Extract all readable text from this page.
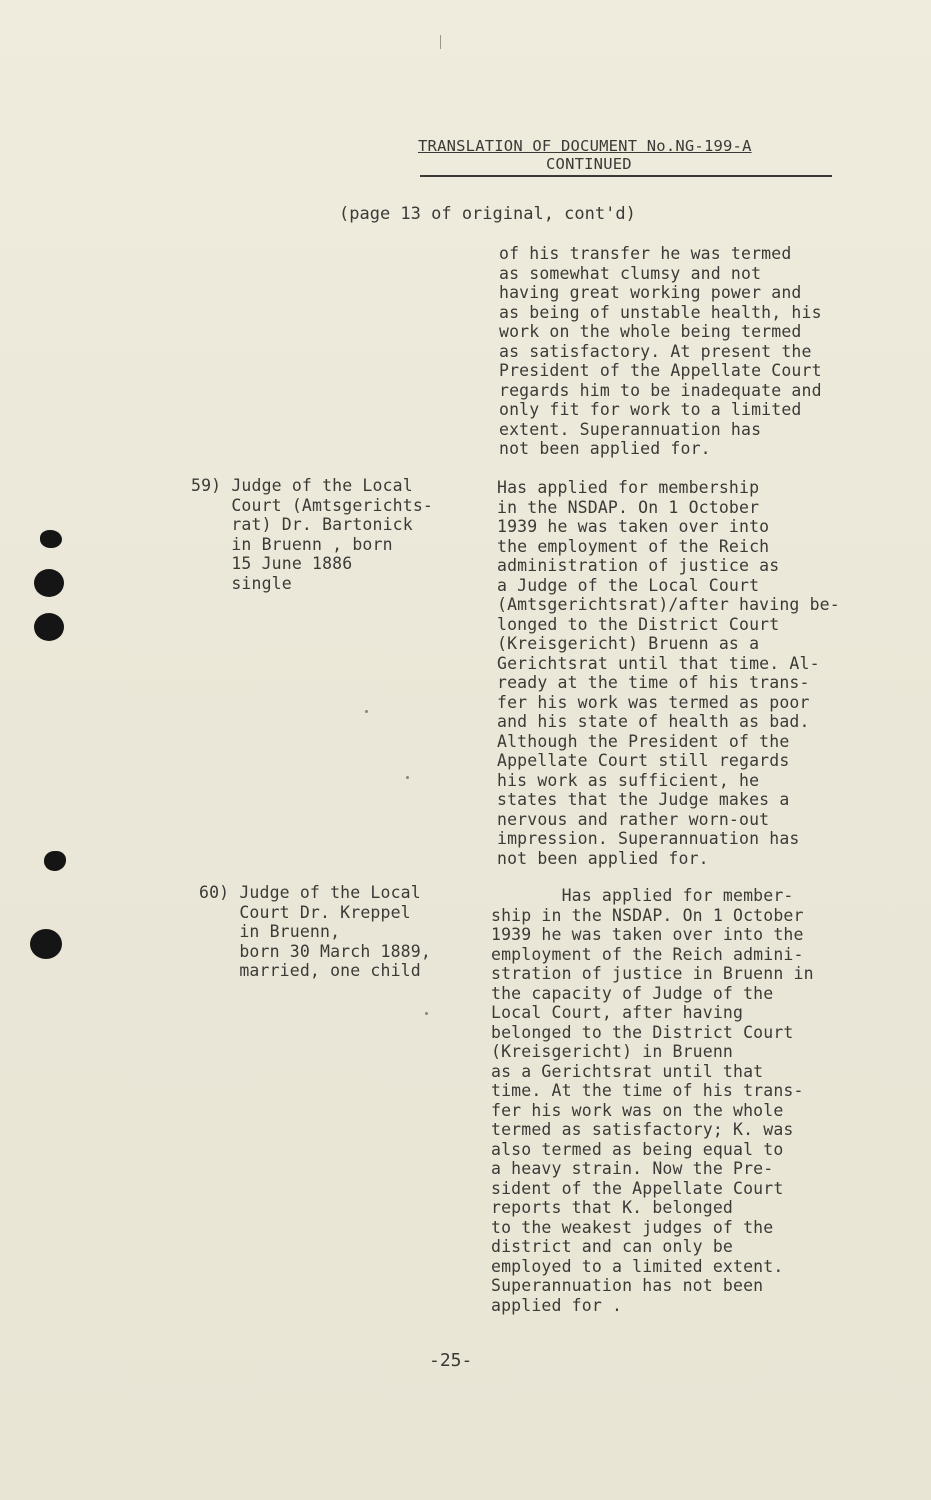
TRANSLATION OF DOCUMENT No.NG-199-A
CONTINUED
(page 13 of original, cont'd)
of his transfer he was termed
as somewhat clumsy and not
having great working power and
as being of unstable health, his
work on the whole being termed
as satisfactory. At present the
President of the Appellate Court
regards him to be inadequate and
only fit for work to a limited
extent. Superannuation has
not been applied for.
59) Judge of the Local
Court (Amtsgerichts-
rat) Dr. Bartonick
in Bruenn , born
15 June 1886
single
Has applied for membership
in the NSDAP. On 1 October
1939 he was taken over into
the employment of the Reich
administration of justice as
a Judge of the Local Court
(Amtsgerichtsrat)/after having be-
longed to the District Court
(Kreisgericht) Bruenn as a
Gerichtsrat until that time. Al-
ready at the time of his trans-
fer his work was termed as poor
and his state of health as bad.
Although the President of the
Appellate Court still regards
his work as sufficient, he
states that the Judge makes a
nervous and rather worn-out
impression. Superannuation has
not been applied for.
60) Judge of the Local
Court Dr. Kreppel
in Bruenn,
born 30 March 1889,
married, one child
Has applied for member-
ship in the NSDAP. On 1 October
1939 he was taken over into the
employment of the Reich admini-
stration of justice in Bruenn in
the capacity of Judge of the
Local Court, after having
belonged to the District Court
(Kreisgericht) in Bruenn
as a Gerichtsrat until that
time. At the time of his trans-
fer his work was on the whole
termed as satisfactory; K. was
also termed as being equal to
a heavy strain. Now the Pre-
sident of the Appellate Court
reports that K. belonged
to the weakest judges of the
district and can only be
employed to a limited extent.
Superannuation has not been
applied for .
-25-
